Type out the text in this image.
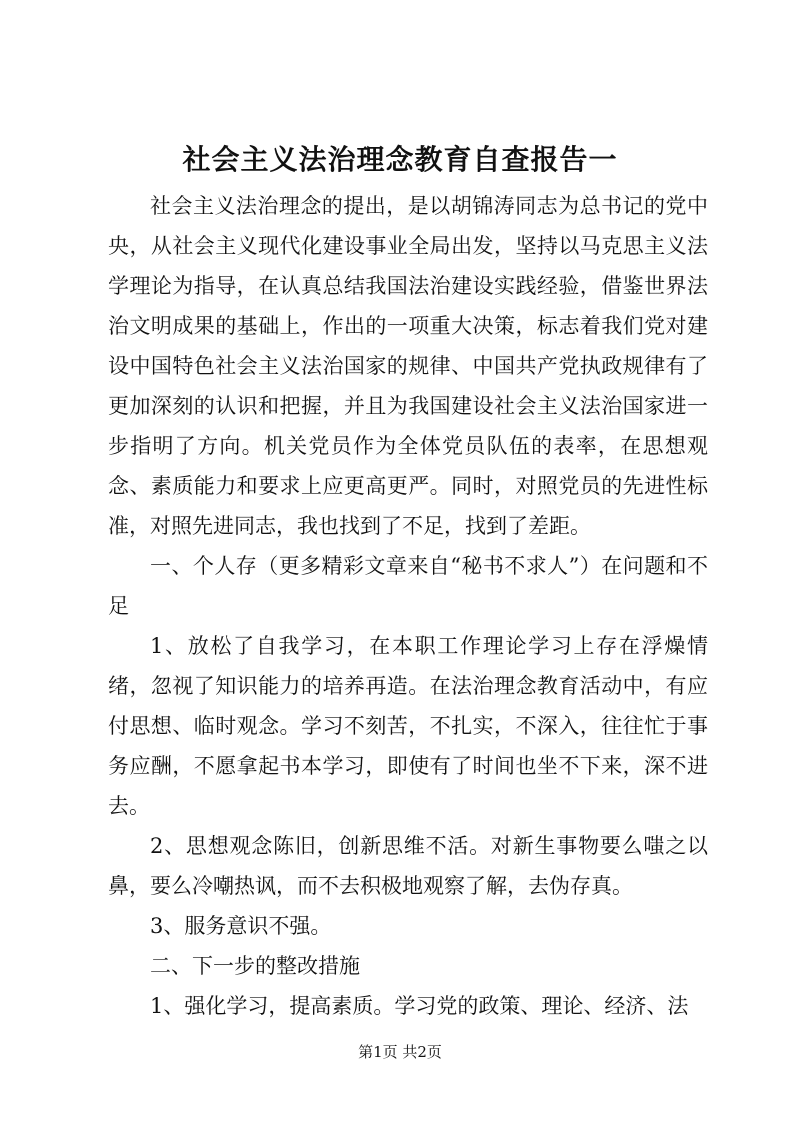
社会主义法治理念教育自查报告一

社会主义法治理念的提出，是以胡锦涛同志为总书记的党中央，从社会主义现代化建设事业全局出发，坚持以马克思主义法学理论为指导，在认真总结我国法治建设实践经验，借鉴世界法治文明成果的基础上，作出的一项重大决策，标志着我们党对建设中国特色社会主义法治国家的规律、中国共产党执政规律有了更加深刻的认识和把握，并且为我国建设社会主义法治国家进一步指明了方向。机关党员作为全体党员队伍的表率，在思想观念、素质能力和要求上应更高更严。同时，对照党员的先进性标准，对照先进同志，我也找到了不足，找到了差距。

一、个人存（更多精彩文章来自“秘书不求人”）在问题和不足

1、放松了自我学习，在本职工作理论学习上存在浮燥情绪，忽视了知识能力的培养再造。在法治理念教育活动中，有应付思想、临时观念。学习不刻苦，不扎实，不深入，往往忙于事务应酬，不愿拿起书本学习，即使有了时间也坐不下来，深不进去。

2、思想观念陈旧，创新思维不活。对新生事物要么嗤之以鼻，要么冷嘲热讽，而不去积极地观察了解，去伪存真。

3、服务意识不强。

二、下一步的整改措施

1、强化学习，提高素质。学习党的政策、理论、经济、法

第1页 共2页
